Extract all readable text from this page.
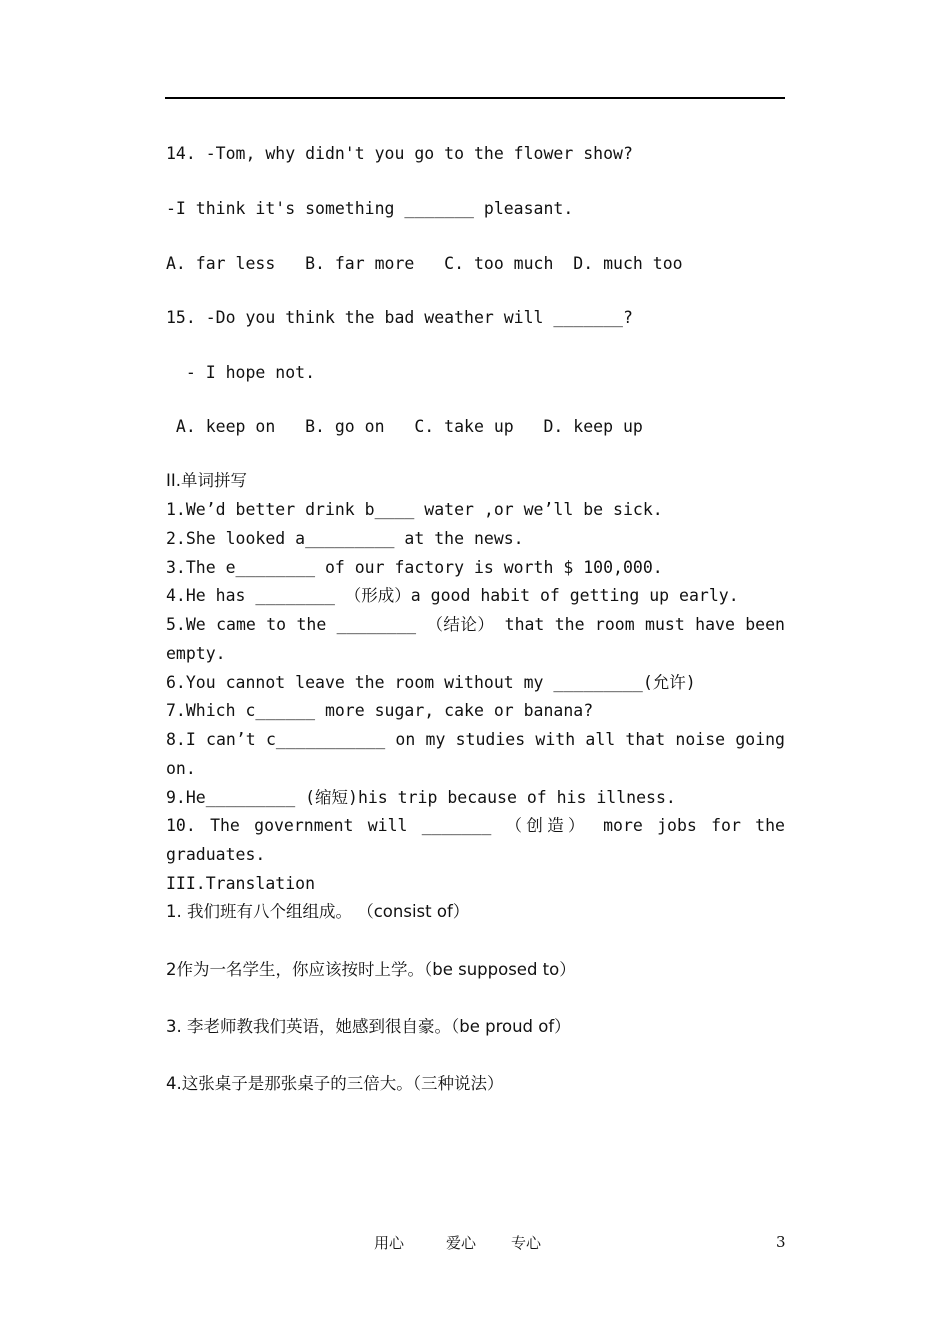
14. -Tom, why didn't you go to the flower show?
-I think it's something _______ pleasant.
A. far less   B. far more   C. too much  D. much too
15. -Do you think the bad weather will _______?
- I hope not.
A. keep on   B. go on   C. take up   D. keep up
II.单词拼写
1.We’d better drink b____ water ,or we’ll be sick.
2.She looked a_________ at the news.
3.The e________ of our factory is worth $ 100,000.
4.He has ________ （形成）a good habit of getting up early.
5.We came to the ________ （结论） that the room must have been
empty.
6.You cannot leave the room without my _________(允许)
7.Which c______ more sugar, cake or banana?
8.I can’t c___________ on my studies with all that noise going
on.
9.He_________ (缩短)his trip because of his illness.
10. The government will _______ （创造） more jobs for the
graduates.
III.Translation
1. 我们班有八个组组成。 （consist of）
2作为一名学生，你应该按时上学。（be supposed to）
3. 李老师教我们英语，她感到很自豪。（be proud of）
4.这张桌子是那张桌子的三倍大。（三种说法）
用心	爱心 专心	3
